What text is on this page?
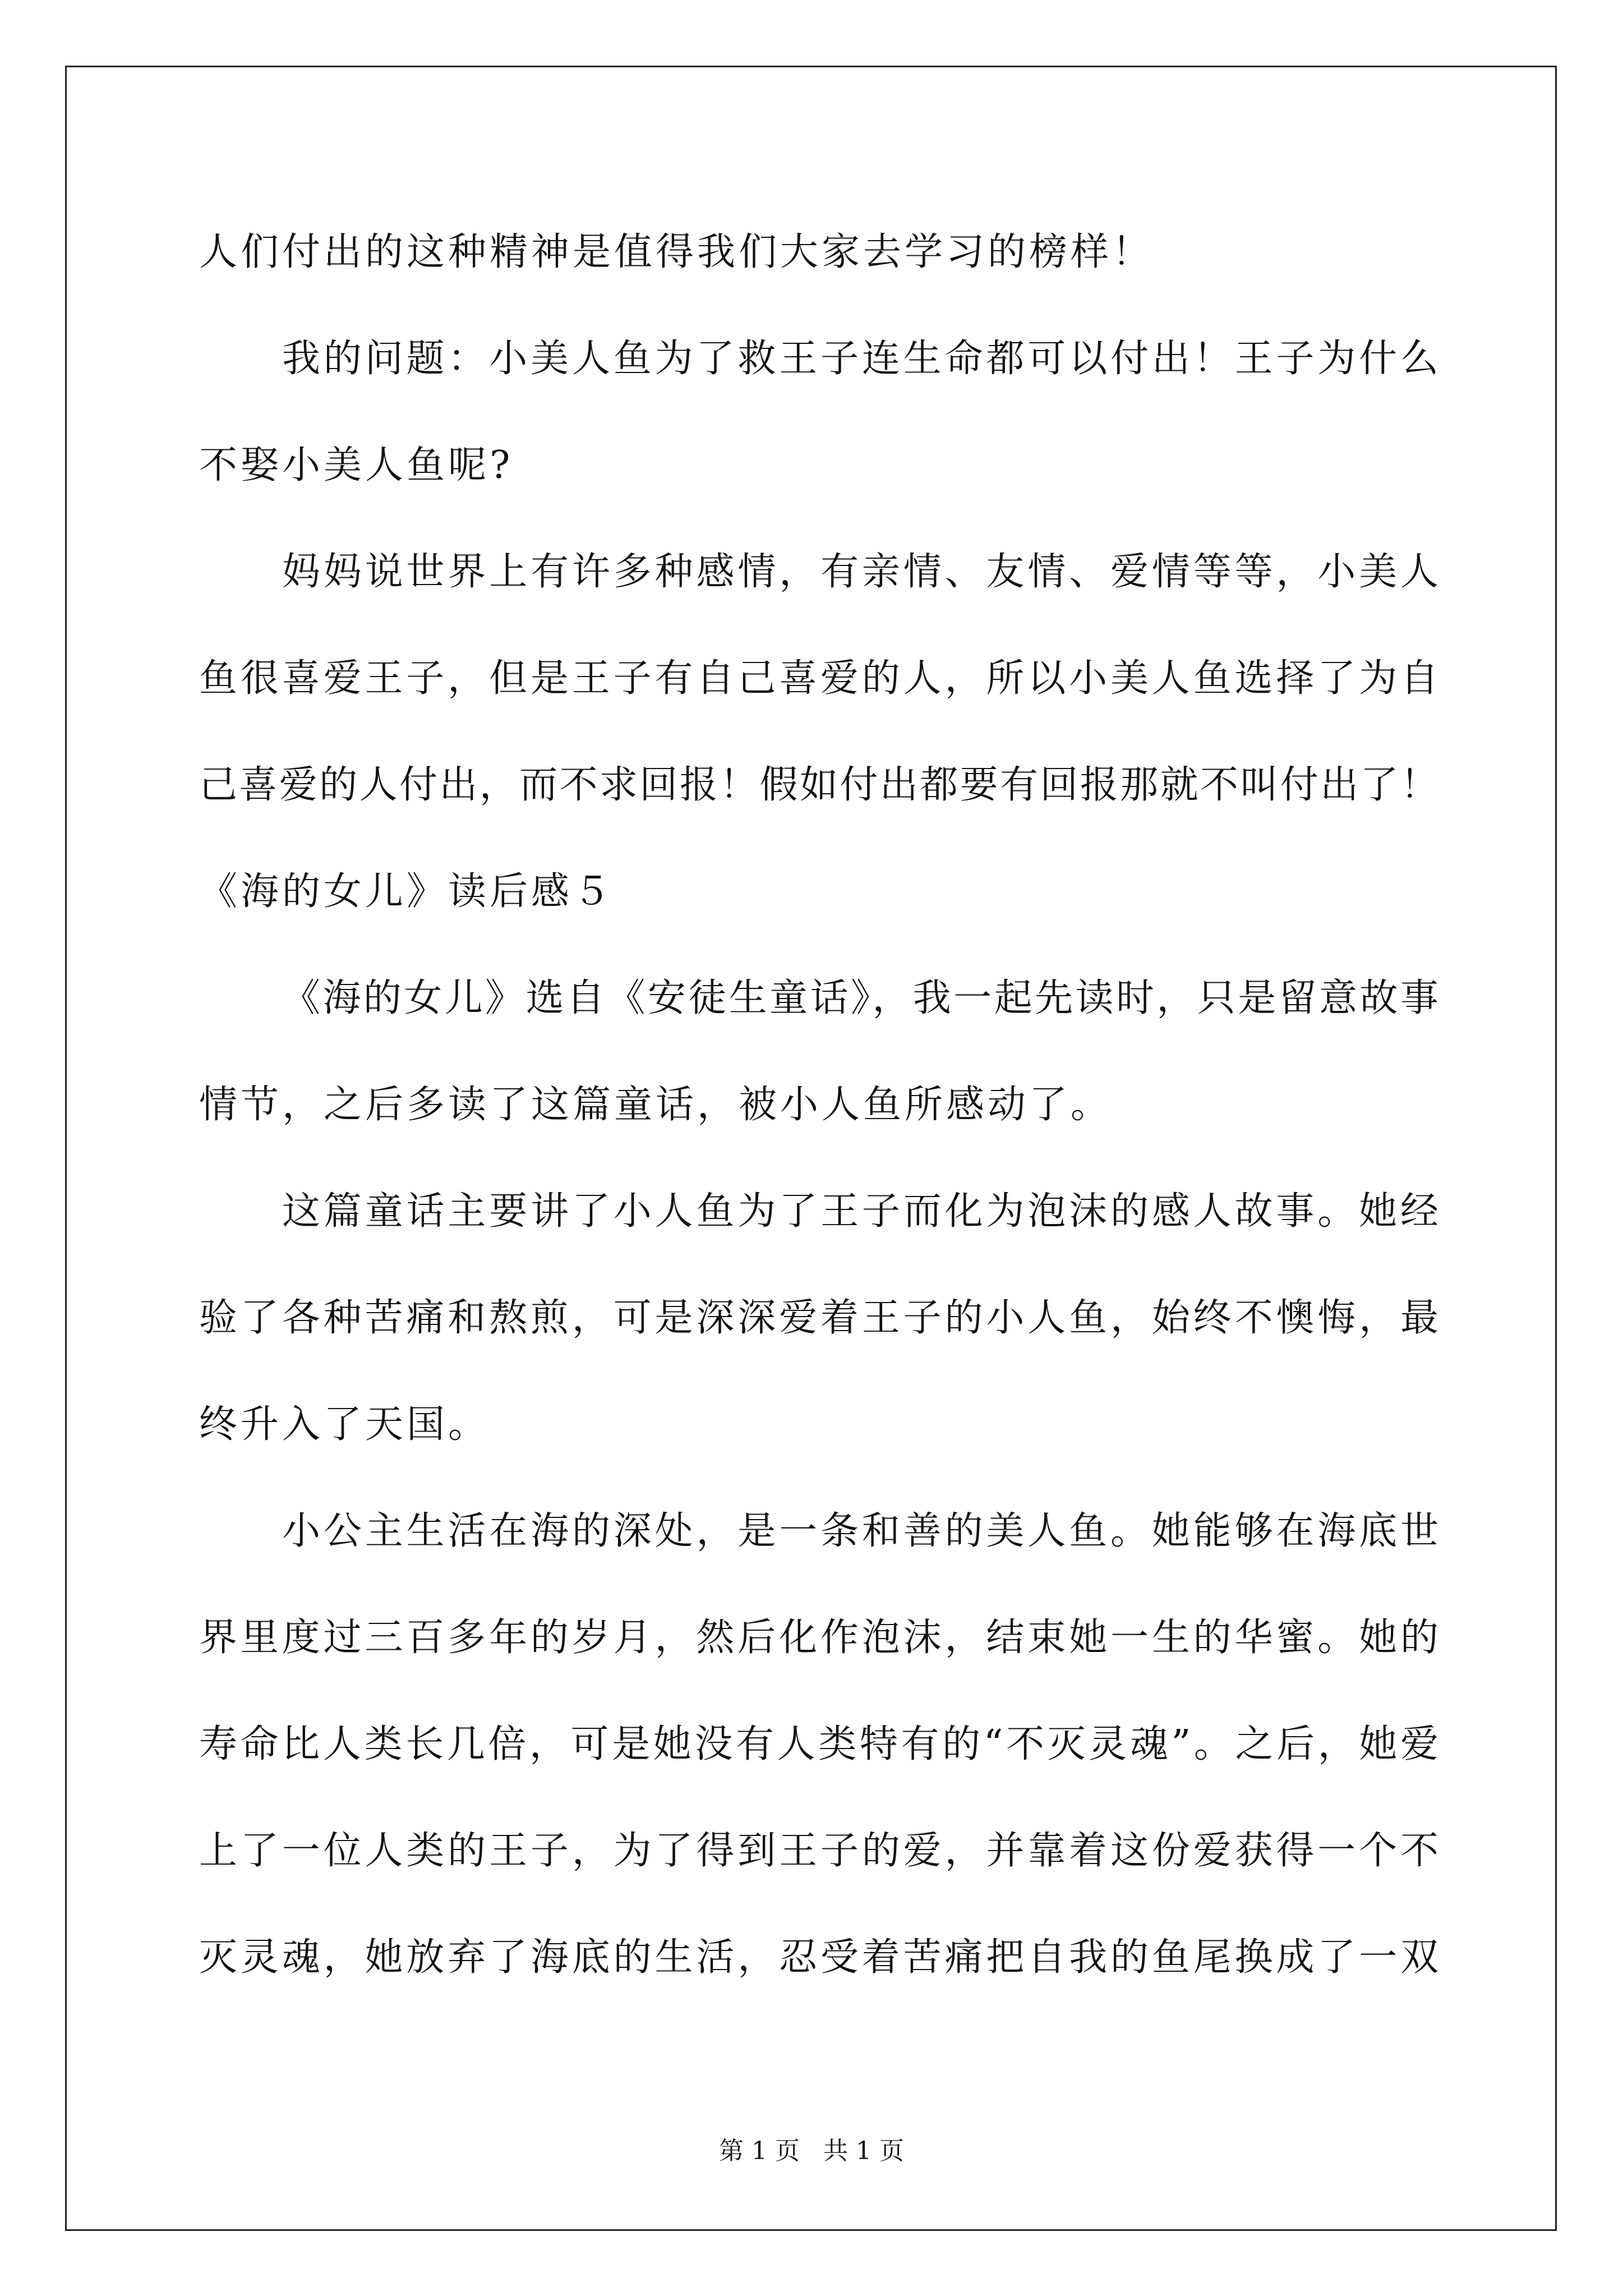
人们付出的这种精神是值得我们大家去学习的榜样！
我的问题：小美人鱼为了救王子连生命都可以付出！王子为什么
不娶小美人鱼呢?
妈妈说世界上有许多种感情，有亲情、友情、爱情等等，小美人
鱼很喜爱王子，但是王子有自己喜爱的人，所以小美人鱼选择了为自
己喜爱的人付出，而不求回报！假如付出都要有回报那就不叫付出了！
《海的女儿》读后感５
《海的女儿》选自《安徒生童话》，我一起先读时，只是留意故事
情节，之后多读了这篇童话，被小人鱼所感动了。
这篇童话主要讲了小人鱼为了王子而化为泡沫的感人故事。她经
验了各种苦痛和熬煎，可是深深爱着王子的小人鱼，始终不懊悔，最
终升入了天国。
小公主生活在海的深处，是一条和善的美人鱼。她能够在海底世
界里度过三百多年的岁月，然后化作泡沫，结束她一生的华蜜。她的
寿命比人类长几倍，可是她没有人类特有的“不灭灵魂”。之后，她爱
上了一位人类的王子，为了得到王子的爱，并靠着这份爱获得一个不
灭灵魂，她放弃了海底的生活，忍受着苦痛把自我的鱼尾换成了一双
第 1 页 共 1 页
